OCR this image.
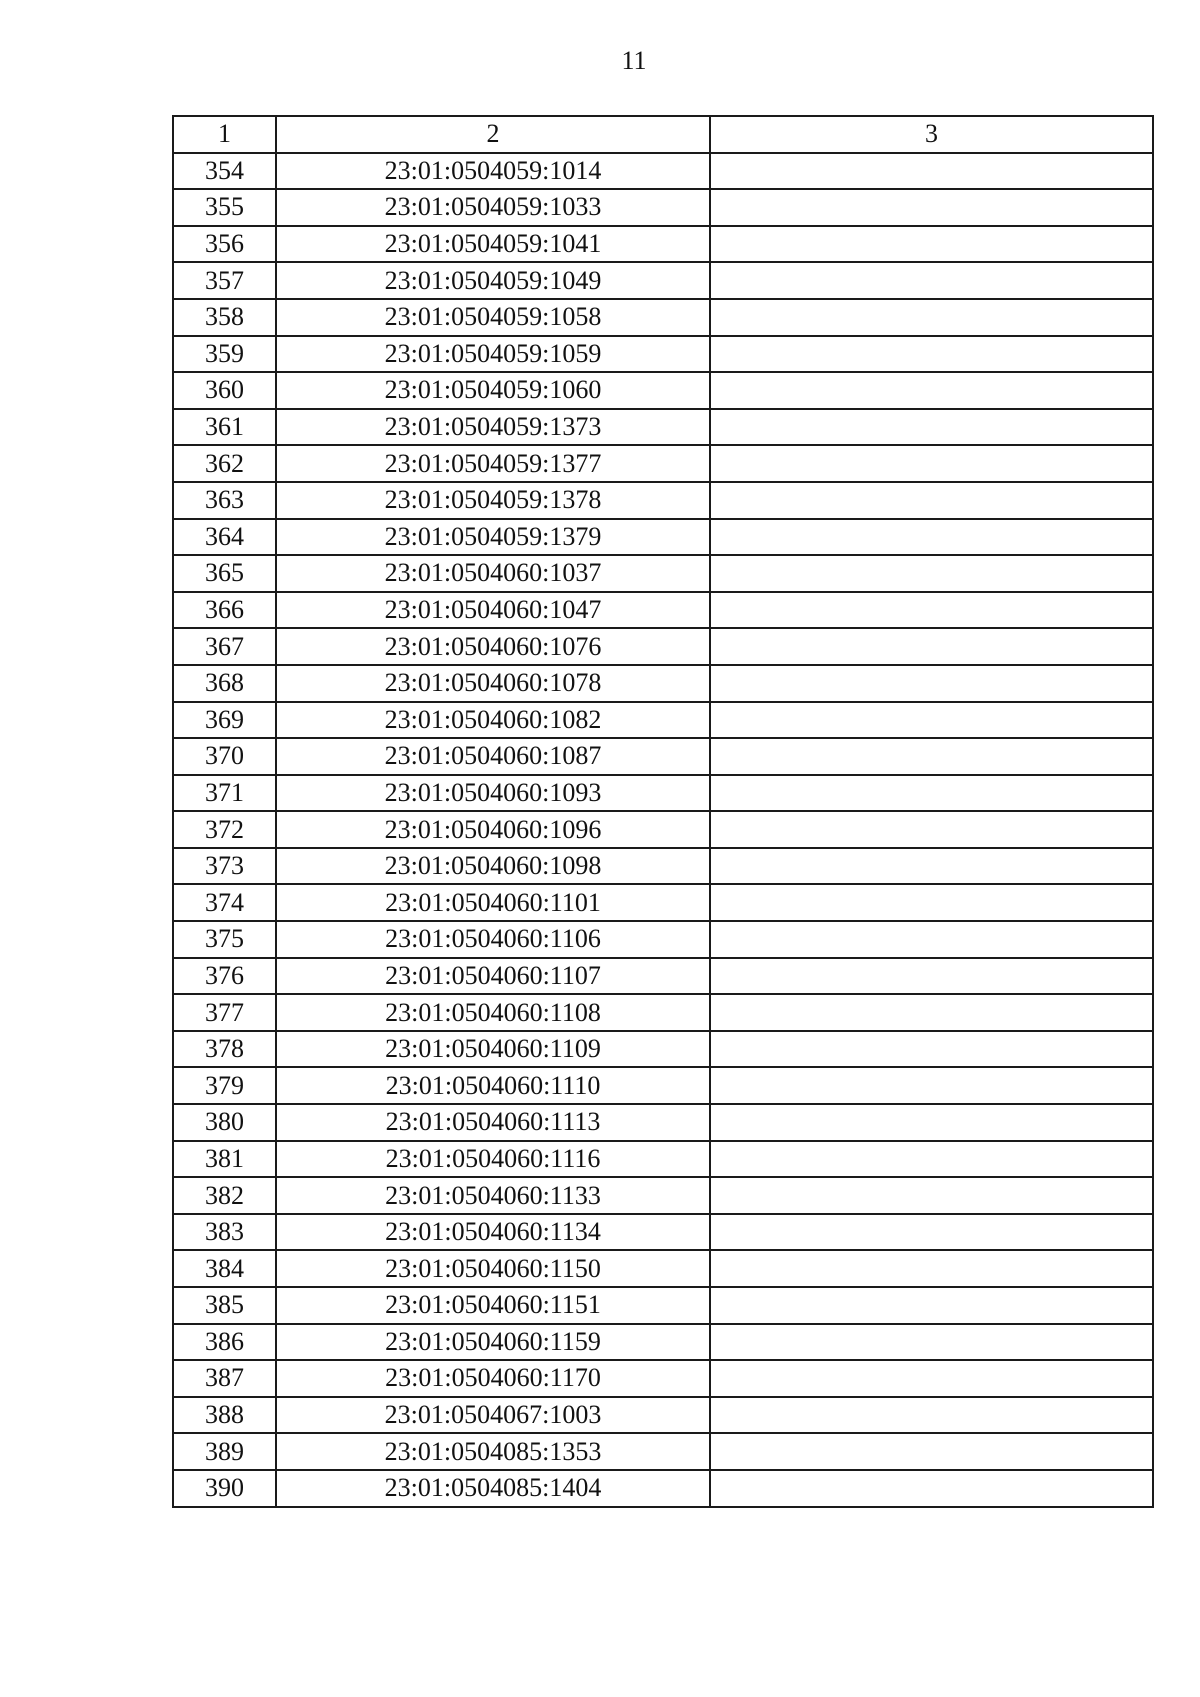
11
1	2	3
354	23:01:0504059:1014	
355	23:01:0504059:1033	
356	23:01:0504059:1041	
357	23:01:0504059:1049	
358	23:01:0504059:1058	
359	23:01:0504059:1059	
360	23:01:0504059:1060	
361	23:01:0504059:1373	
362	23:01:0504059:1377	
363	23:01:0504059:1378	
364	23:01:0504059:1379	
365	23:01:0504060:1037	
366	23:01:0504060:1047	
367	23:01:0504060:1076	
368	23:01:0504060:1078	
369	23:01:0504060:1082	
370	23:01:0504060:1087	
371	23:01:0504060:1093	
372	23:01:0504060:1096	
373	23:01:0504060:1098	
374	23:01:0504060:1101	
375	23:01:0504060:1106	
376	23:01:0504060:1107	
377	23:01:0504060:1108	
378	23:01:0504060:1109	
379	23:01:0504060:1110	
380	23:01:0504060:1113	
381	23:01:0504060:1116	
382	23:01:0504060:1133	
383	23:01:0504060:1134	
384	23:01:0504060:1150	
385	23:01:0504060:1151	
386	23:01:0504060:1159	
387	23:01:0504060:1170	
388	23:01:0504067:1003	
389	23:01:0504085:1353	
390	23:01:0504085:1404	
